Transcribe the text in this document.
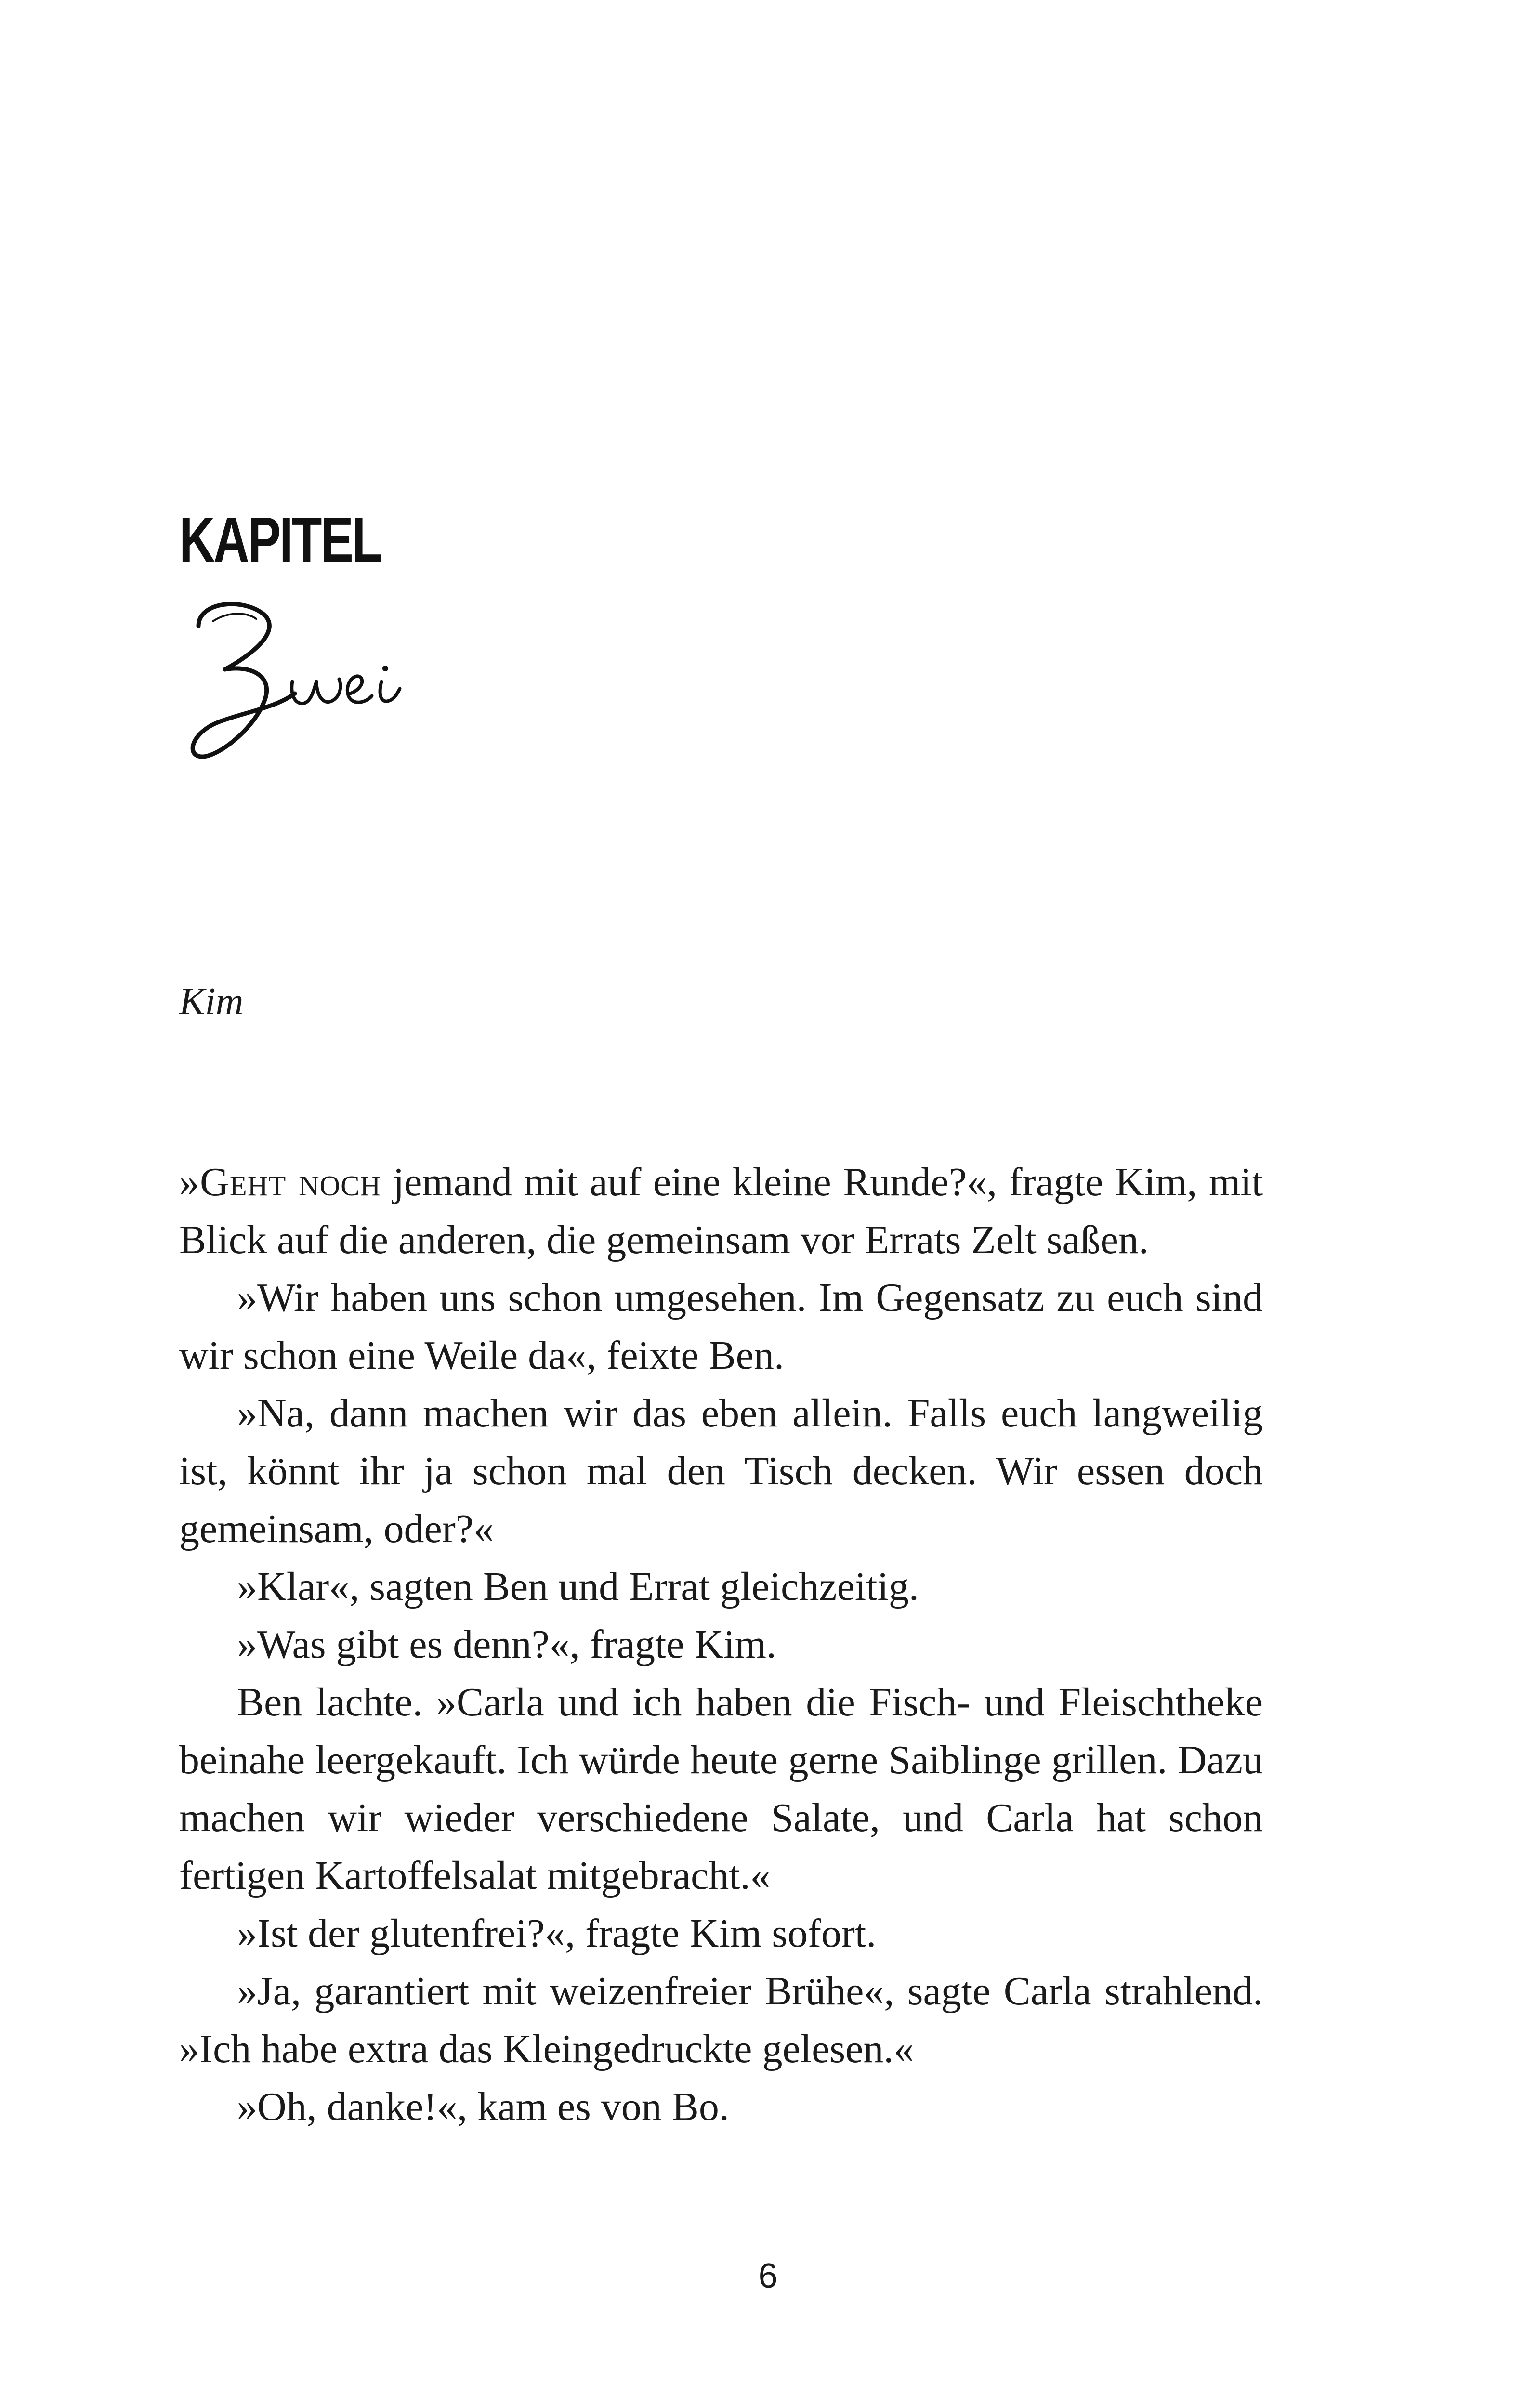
KAPITEL
Kim

»Geht noch jemand mit auf eine kleine Runde?«, fragte Kim, mit Blick auf die anderen, die gemeinsam vor Errats Zelt saßen.

»Wir haben uns schon umgesehen. Im Gegensatz zu euch sind wir schon eine Weile da«, feixte Ben.

»Na, dann machen wir das eben allein. Falls euch langweilig ist, könnt ihr ja schon mal den Tisch decken. Wir essen doch gemeinsam, oder?«

»Klar«, sagten Ben und Errat gleichzeitig.

»Was gibt es denn?«, fragte Kim.

Ben lachte. »Carla und ich haben die Fisch- und Fleischtheke beinahe leergekauft. Ich würde heute gerne Saiblinge grillen. Dazu machen wir wieder verschiedene Salate, und Carla hat schon fertigen Kartoffelsalat mitgebracht.«

»Ist der glutenfrei?«, fragte Kim sofort.

»Ja, garantiert mit weizenfreier Brühe«, sagte Carla strahlend. »Ich habe extra das Kleingedruckte gelesen.«

»Oh, danke!«, kam es von Bo.

6
